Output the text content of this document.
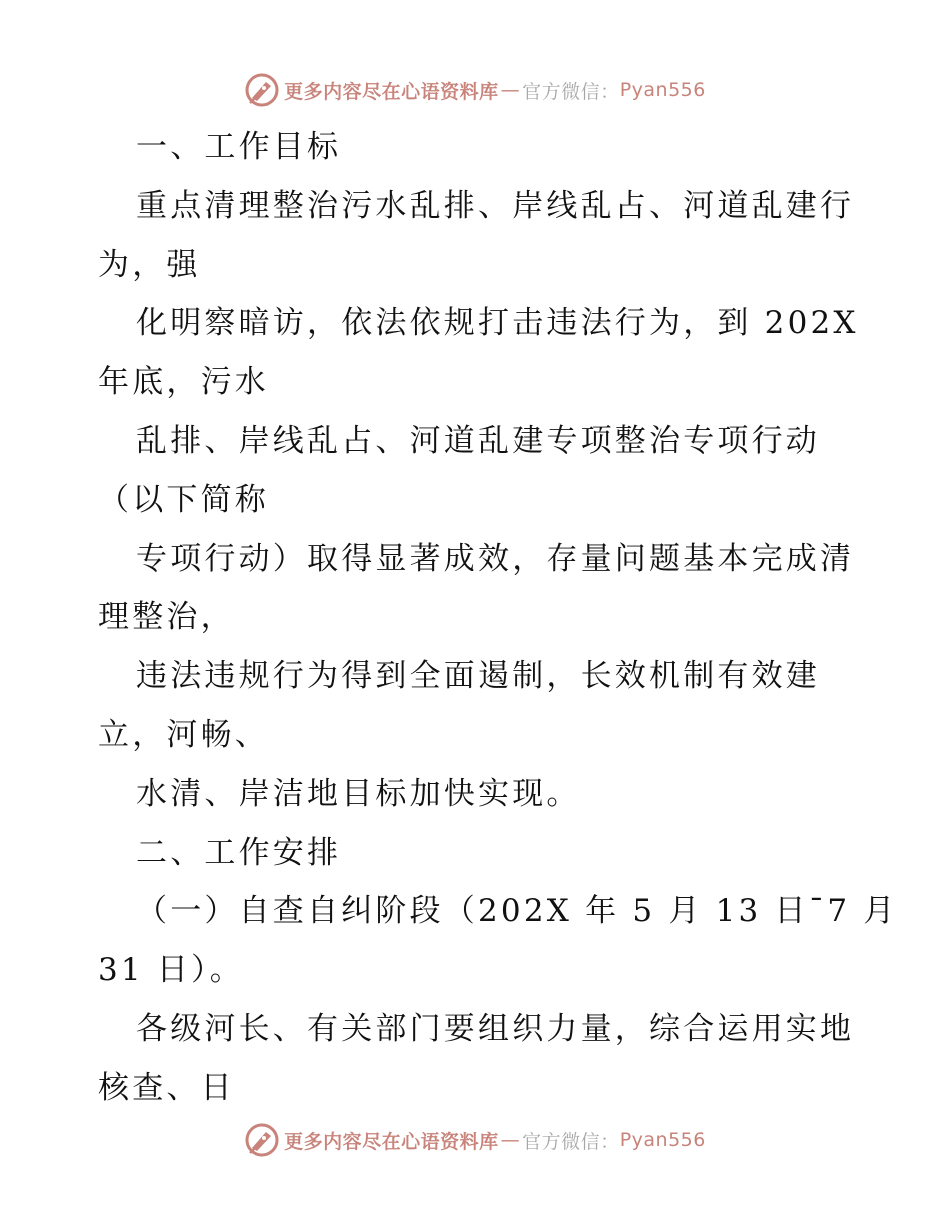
更多内容尽在心语资料库 — 官方微信： Pyan556
一、工作目标
重点清理整治污水乱排、岸线乱占、河道乱建行
为，强
化明察暗访，依法依规打击违法行为，到 202X
年底，污水
乱排、岸线乱占、河道乱建专项整治专项行动
（以下简称
专项行动）取得显著成效，存量问题基本完成清
理整治，
违法违规行为得到全面遏制，长效机制有效建
立，河畅、
水清、岸洁地目标加快实现。
二、工作安排
（一）自查自纠阶段（202X 年 5 月 13 日¯7 月
31 日）。
各级河长、有关部门要组织力量，综合运用实地
核查、日
更多内容尽在心语资料库 — 官方微信： Pyan556
